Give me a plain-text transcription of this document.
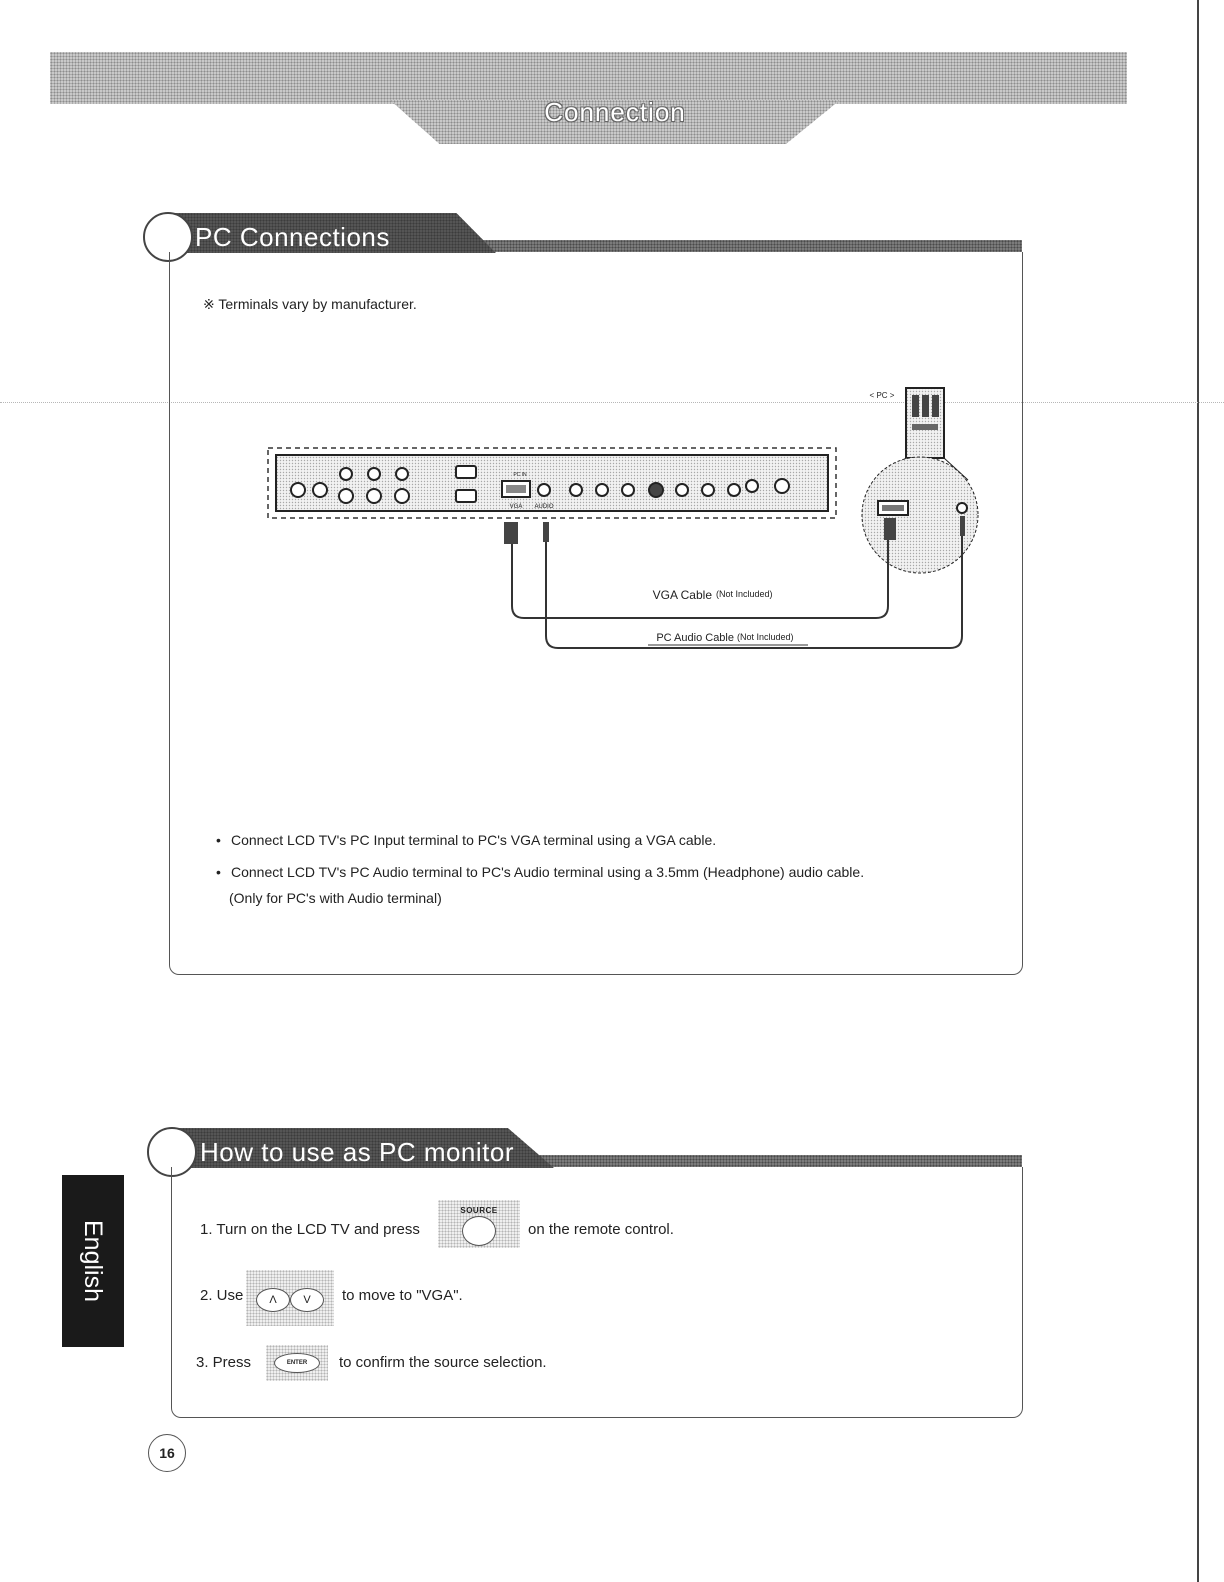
Connection
PC Connections
※ Terminals vary by manufacturer.
VGA AUDIO
PC IN
< PC >
VGA Cable (Not Included)
PC Audio Cable (Not Included)
• Connect LCD TV's PC Input terminal to PC's VGA terminal using a VGA cable.
• Connect LCD TV's PC Audio terminal to PC's Audio terminal using a 3.5mm (Headphone) audio cable.
(Only for PC's with Audio terminal)
How to use as PC monitor
1. Turn on the LCD TV and press
SOURCE
on the remote control.
2. Use	Λ	V	to move to "VGA".
3. Press	ENTER	to confirm the source selection.
English
16
